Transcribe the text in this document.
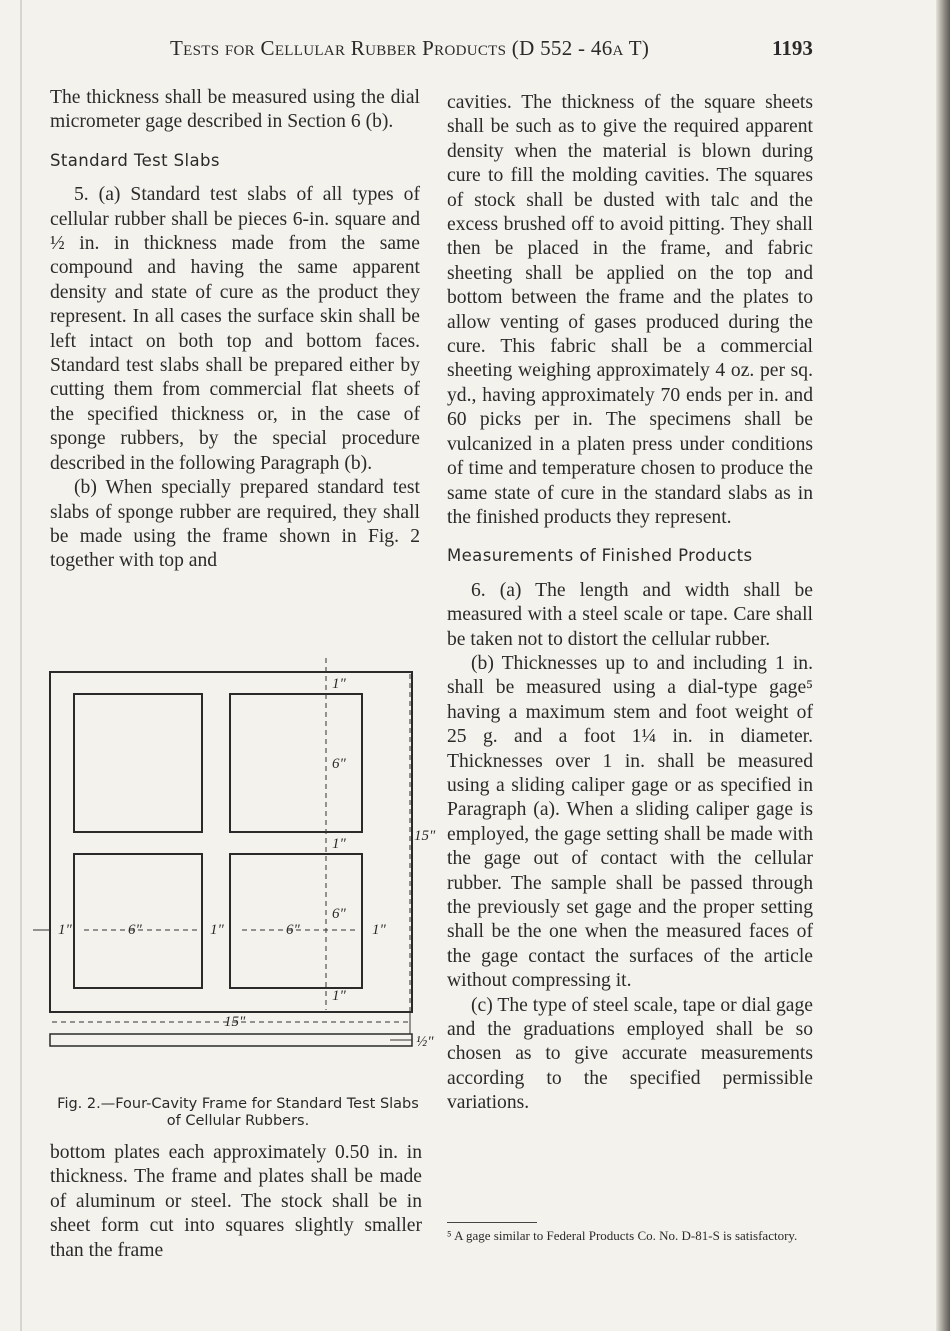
Tests for Cellular Rubber Products (D 552 - 46a T)	1193

The thickness shall be measured using the dial micrometer gage described in Section 6 (b).

Standard Test Slabs

5. (a) Standard test slabs of all types of cellular rubber shall be pieces 6-in. square and ½ in. in thickness made from the same compound and having the same apparent density and state of cure as the product they represent. In all cases the surface skin shall be left intact on both top and bottom faces. Standard test slabs shall be prepared either by cutting them from commercial flat sheets of the specified thickness or, in the case of sponge rubbers, by the special procedure described in the following Paragraph (b).

(b) When specially prepared standard test slabs of sponge rubber are required, they shall be made using the frame shown in Fig. 2 together with top and

1"
6"
1"
6"
1"
15"
1"	6"	1"	6"	1"
15"
½"
Fig. 2.—Four-Cavity Frame for Standard Test Slabs of Cellular Rubbers.

bottom plates each approximately 0.50 in. in thickness. The frame and plates shall be made of aluminum or steel. The stock shall be in sheet form cut into squares slightly smaller than the frame

cavities. The thickness of the square sheets shall be such as to give the required apparent density when the material is blown during cure to fill the molding cavities. The squares of stock shall be dusted with talc and the excess brushed off to avoid pitting. They shall then be placed in the frame, and fabric sheeting shall be applied on the top and bottom between the frame and the plates to allow venting of gases produced during the cure. This fabric shall be a commercial sheeting weighing approximately 4 oz. per sq. yd., having approximately 70 ends per in. and 60 picks per in. The specimens shall be vulcanized in a platen press under conditions of time and temperature chosen to produce the same state of cure in the standard slabs as in the finished products they represent.

Measurements of Finished Products

6. (a) The length and width shall be measured with a steel scale or tape. Care shall be taken not to distort the cellular rubber.

(b) Thicknesses up to and including 1 in. shall be measured using a dial-type gage⁵ having a maximum stem and foot weight of 25 g. and a foot 1¼ in. in diameter. Thicknesses over 1 in. shall be measured using a sliding caliper gage or as specified in Paragraph (a). When a sliding caliper gage is employed, the gage setting shall be made with the gage out of contact with the cellular rubber. The sample shall be passed through the previously set gage and the proper setting shall be the one when the measured faces of the gage contact the surfaces of the article without compressing it.

(c) The type of steel scale, tape or dial gage and the graduations employed shall be so chosen as to give accurate measurements according to the specified permissible variations.

⁵ A gage similar to Federal Products Co. No. D-81-S is satisfactory.
